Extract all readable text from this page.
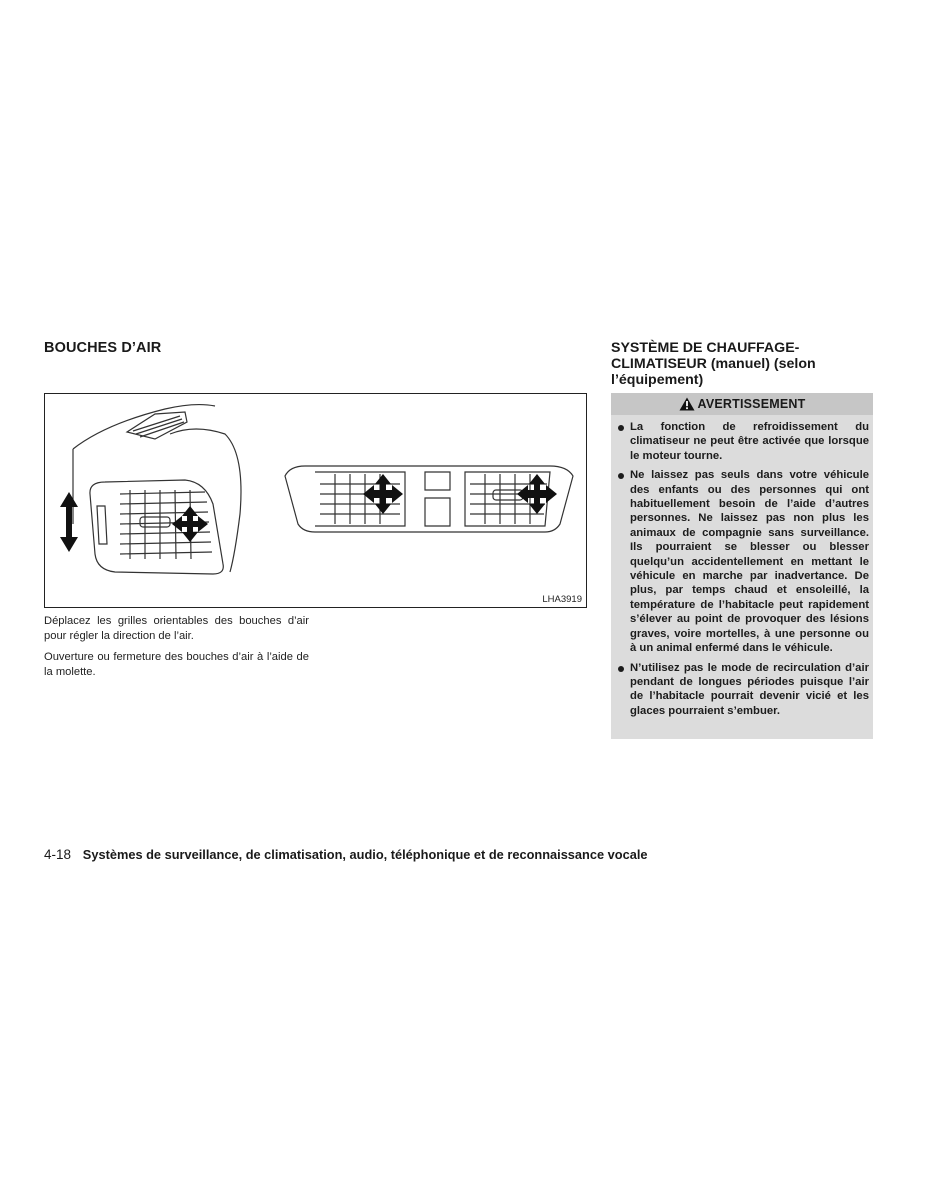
BOUCHES D’AIR
LHA3919

Déplacez les grilles orientables des bouches d’air pour régler la direction de l’air.

Ouverture ou fermeture des bouches d’air à l’aide de la molette.

SYSTÈME DE CHAUFFAGE-
CLIMATISEUR (manuel) (selon
l’équipement)
AVERTISSEMENT
La fonction de refroidissement du climatiseur ne peut être activée que lorsque le moteur tourne.
Ne laissez pas seuls dans votre véhicule des enfants ou des personnes qui ont habituellement besoin de l’aide d’autres personnes. Ne laissez pas non plus les animaux de compagnie sans surveillance. Ils pourraient se blesser ou blesser quelqu’un accidentellement en mettant le véhicule en marche par inadvertance. De plus, par temps chaud et ensoleillé, la température de l’habitacle peut rapidement s’élever au point de provoquer des lésions graves, voire mortelles, à une personne ou à un animal enfermé dans le véhicule.
N’utilisez pas le mode de recirculation d’air pendant de longues périodes puisque l’air de l’habitacle pourrait devenir vicié et les glaces pourraient s’embuer.
4-18 Systèmes de surveillance, de climatisation, audio, téléphonique et de reconnaissance vocale
